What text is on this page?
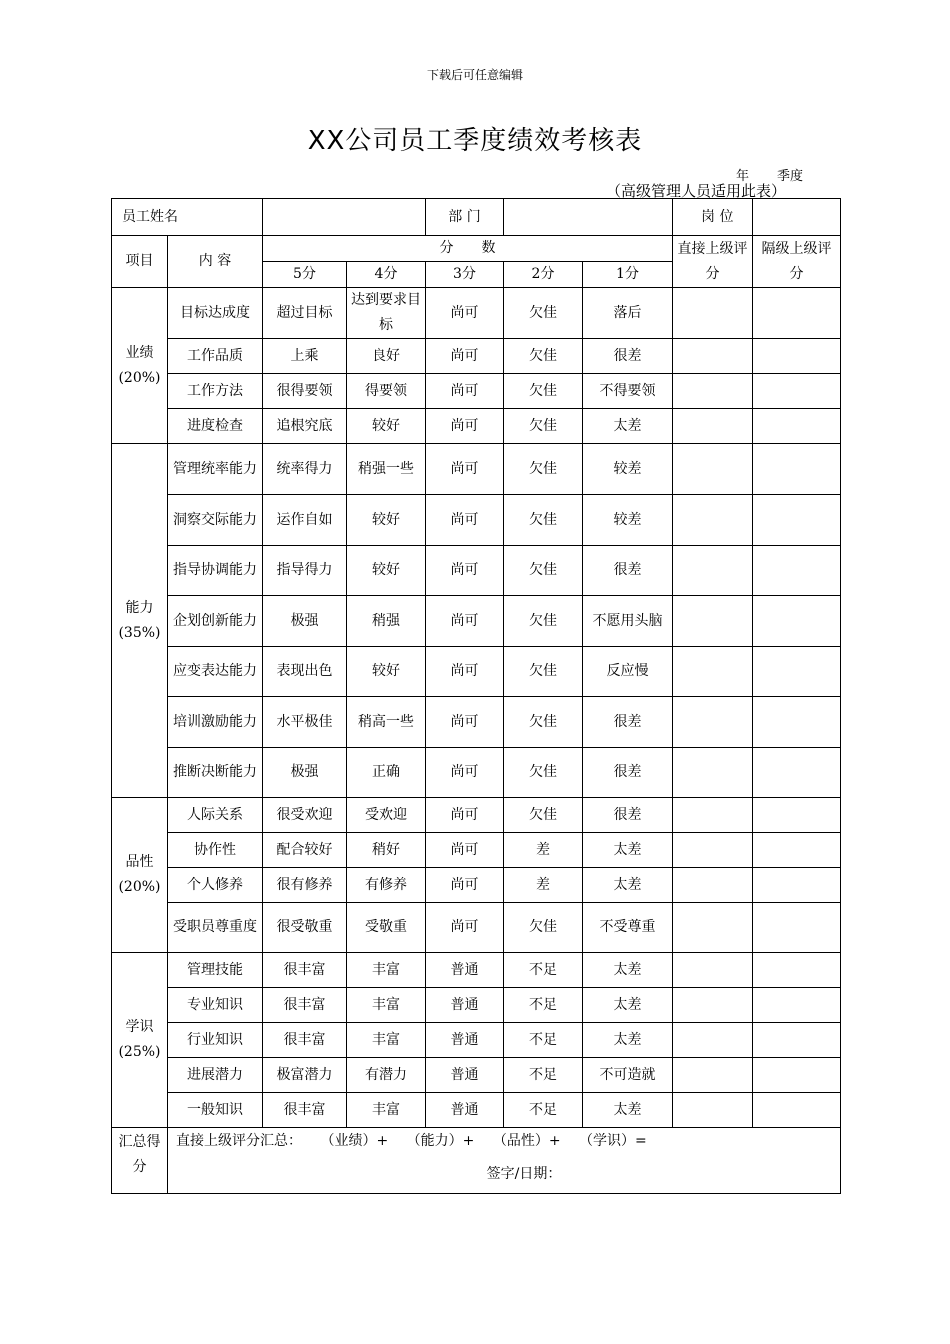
下载后可任意编辑
XX公司员工季度绩效考核表
年 季度
（高级管理人员适用此表）
员工姓名				部 门			岗 位	
项目	内 容	分　　数					直接上级评分	隔级上级评分
		5分	4分	3分	2分	1分		

业绩
(20%)	目标达成度	超过目标	达到要求目标	尚可	欠佳	落后		
	工作品质	上乘	良好	尚可	欠佳	很差		
	工作方法	很得要领	得要领	尚可	欠佳	不得要领		
	进度检查	追根究底	较好	尚可	欠佳	太差		

能力
(35%)	管理统率能力	统率得力	稍强一些	尚可	欠佳	较差		
	洞察交际能力	运作自如	较好	尚可	欠佳	较差		
	指导协调能力	指导得力	较好	尚可	欠佳	很差		
	企划创新能力	极强	稍强	尚可	欠佳	不愿用头脑		
	应变表达能力	表现出色	较好	尚可	欠佳	反应慢		
	培训激励能力	水平极佳	稍高一些	尚可	欠佳	很差		
	推断决断能力	极强	正确	尚可	欠佳	很差		

品性
(20%)	人际关系	很受欢迎	受欢迎	尚可	欠佳	很差		
	协作性	配合较好	稍好	尚可	差	太差		
	个人修养	很有修养	有修养	尚可	差	太差		
	受职员尊重度	很受敬重	受敬重	尚可	欠佳	不受尊重		

学识
(25%)	管理技能	很丰富	丰富	普通	不足	太差		
	专业知识	很丰富	丰富	普通	不足	太差		
	行业知识	很丰富	丰富	普通	不足	太差		
	进展潜力	极富潜力	有潜力	普通	不足	不可造就		
	一般知识	很丰富	丰富	普通	不足	太差		
汇总得分	直接上级评分汇总： （业绩）+ （能力）+ （品性）+ （学识）=
签字/日期：							
